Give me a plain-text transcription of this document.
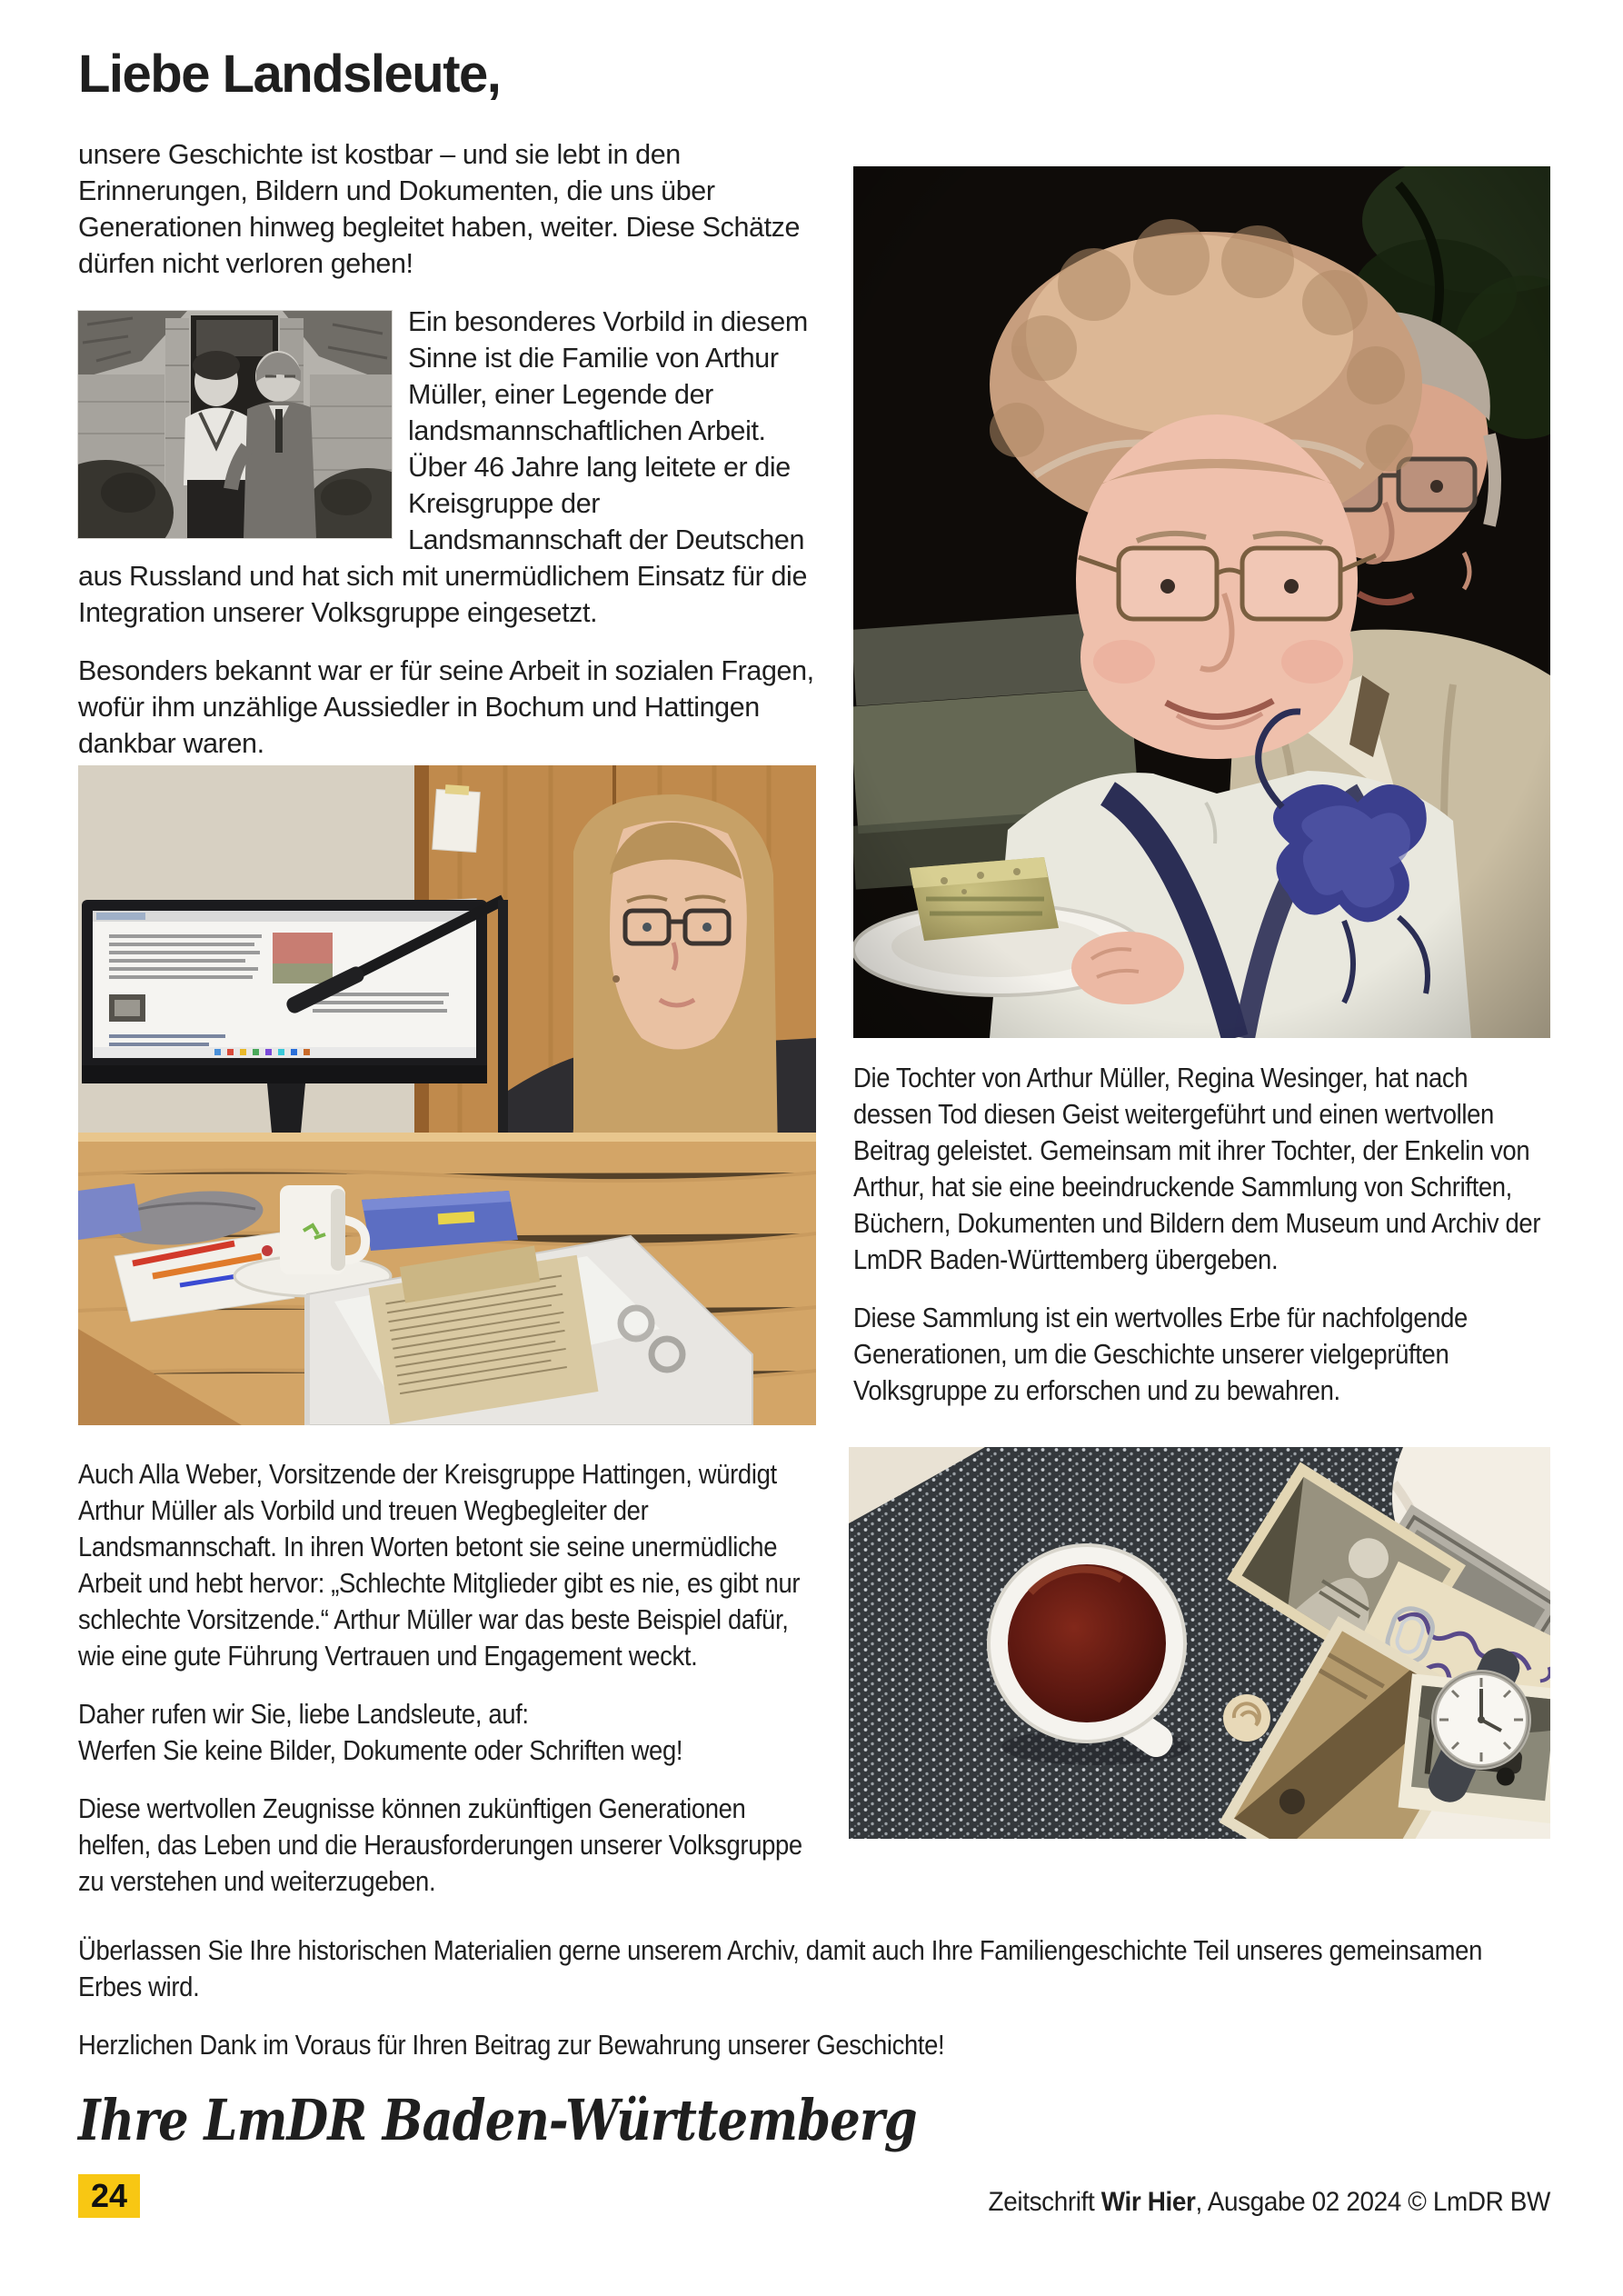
Liebe Landsleute,

unsere Geschichte ist kostbar – und sie lebt in den Erinnerungen, Bildern und Dokumenten, die uns über Generationen hinweg begleitet haben, weiter. Diese Schätze dürfen nicht verloren gehen!

Ein besonderes Vorbild in diesem Sinne ist die Familie von Arthur Müller, einer Legende der landsmannschaftlichen Arbeit. Über 46 Jahre lang leitete er die Kreisgruppe der Landsmannschaft der Deutschen aus Russland und hat sich mit unermüdlichem Einsatz für die Integration unserer Volksgruppe eingesetzt.

Besonders bekannt war er für seine Arbeit in sozialen Fragen, wofür ihm unzählige Aussiedler in Bochum und Hattingen dankbar waren.

Auch Alla Weber, Vorsitzende der Kreisgruppe Hattingen, würdigt Arthur Müller als Vorbild und treuen Wegbegleiter der Landsmannschaft. In ihren Worten betont sie seine unermüdliche Arbeit und hebt hervor: „Schlechte Mitglieder gibt es nie, es gibt nur schlechte Vorsitzende.“ Arthur Müller war das beste Beispiel dafür, wie eine gute Führung Vertrauen und Engagement weckt.

Daher rufen wir Sie, liebe Landsleute, auf:
Werfen Sie keine Bilder, Dokumente oder Schriften weg!

Diese wertvollen Zeugnisse können zukünftigen Generationen helfen, das Leben und die Herausforderungen unserer Volksgruppe zu verstehen und weiterzugeben.

Die Tochter von Arthur Müller, Regina Wesinger, hat nach dessen Tod diesen Geist weitergeführt und einen wertvollen Beitrag geleistet. Gemeinsam mit ihrer Tochter, der Enkelin von Arthur, hat sie eine beeindruckende Sammlung von Schriften, Büchern, Dokumenten und Bildern dem Museum und Archiv der LmDR Baden-Württemberg übergeben.

Diese Sammlung ist ein wertvolles Erbe für nachfolgende Generationen, um die Geschichte unserer vielgeprüften Volksgruppe zu erforschen und zu bewahren.

Überlassen Sie Ihre historischen Materialien gerne unserem Archiv, damit auch Ihre Familiengeschichte Teil unseres gemeinsamen Erbes wird.

Herzlichen Dank im Voraus für Ihren Beitrag zur Bewahrung unserer Geschichte!

Ihre LmDR Baden-Württemberg
24	Zeitschrift Wir Hier, Ausgabe 02 2024 © LmDR BW
